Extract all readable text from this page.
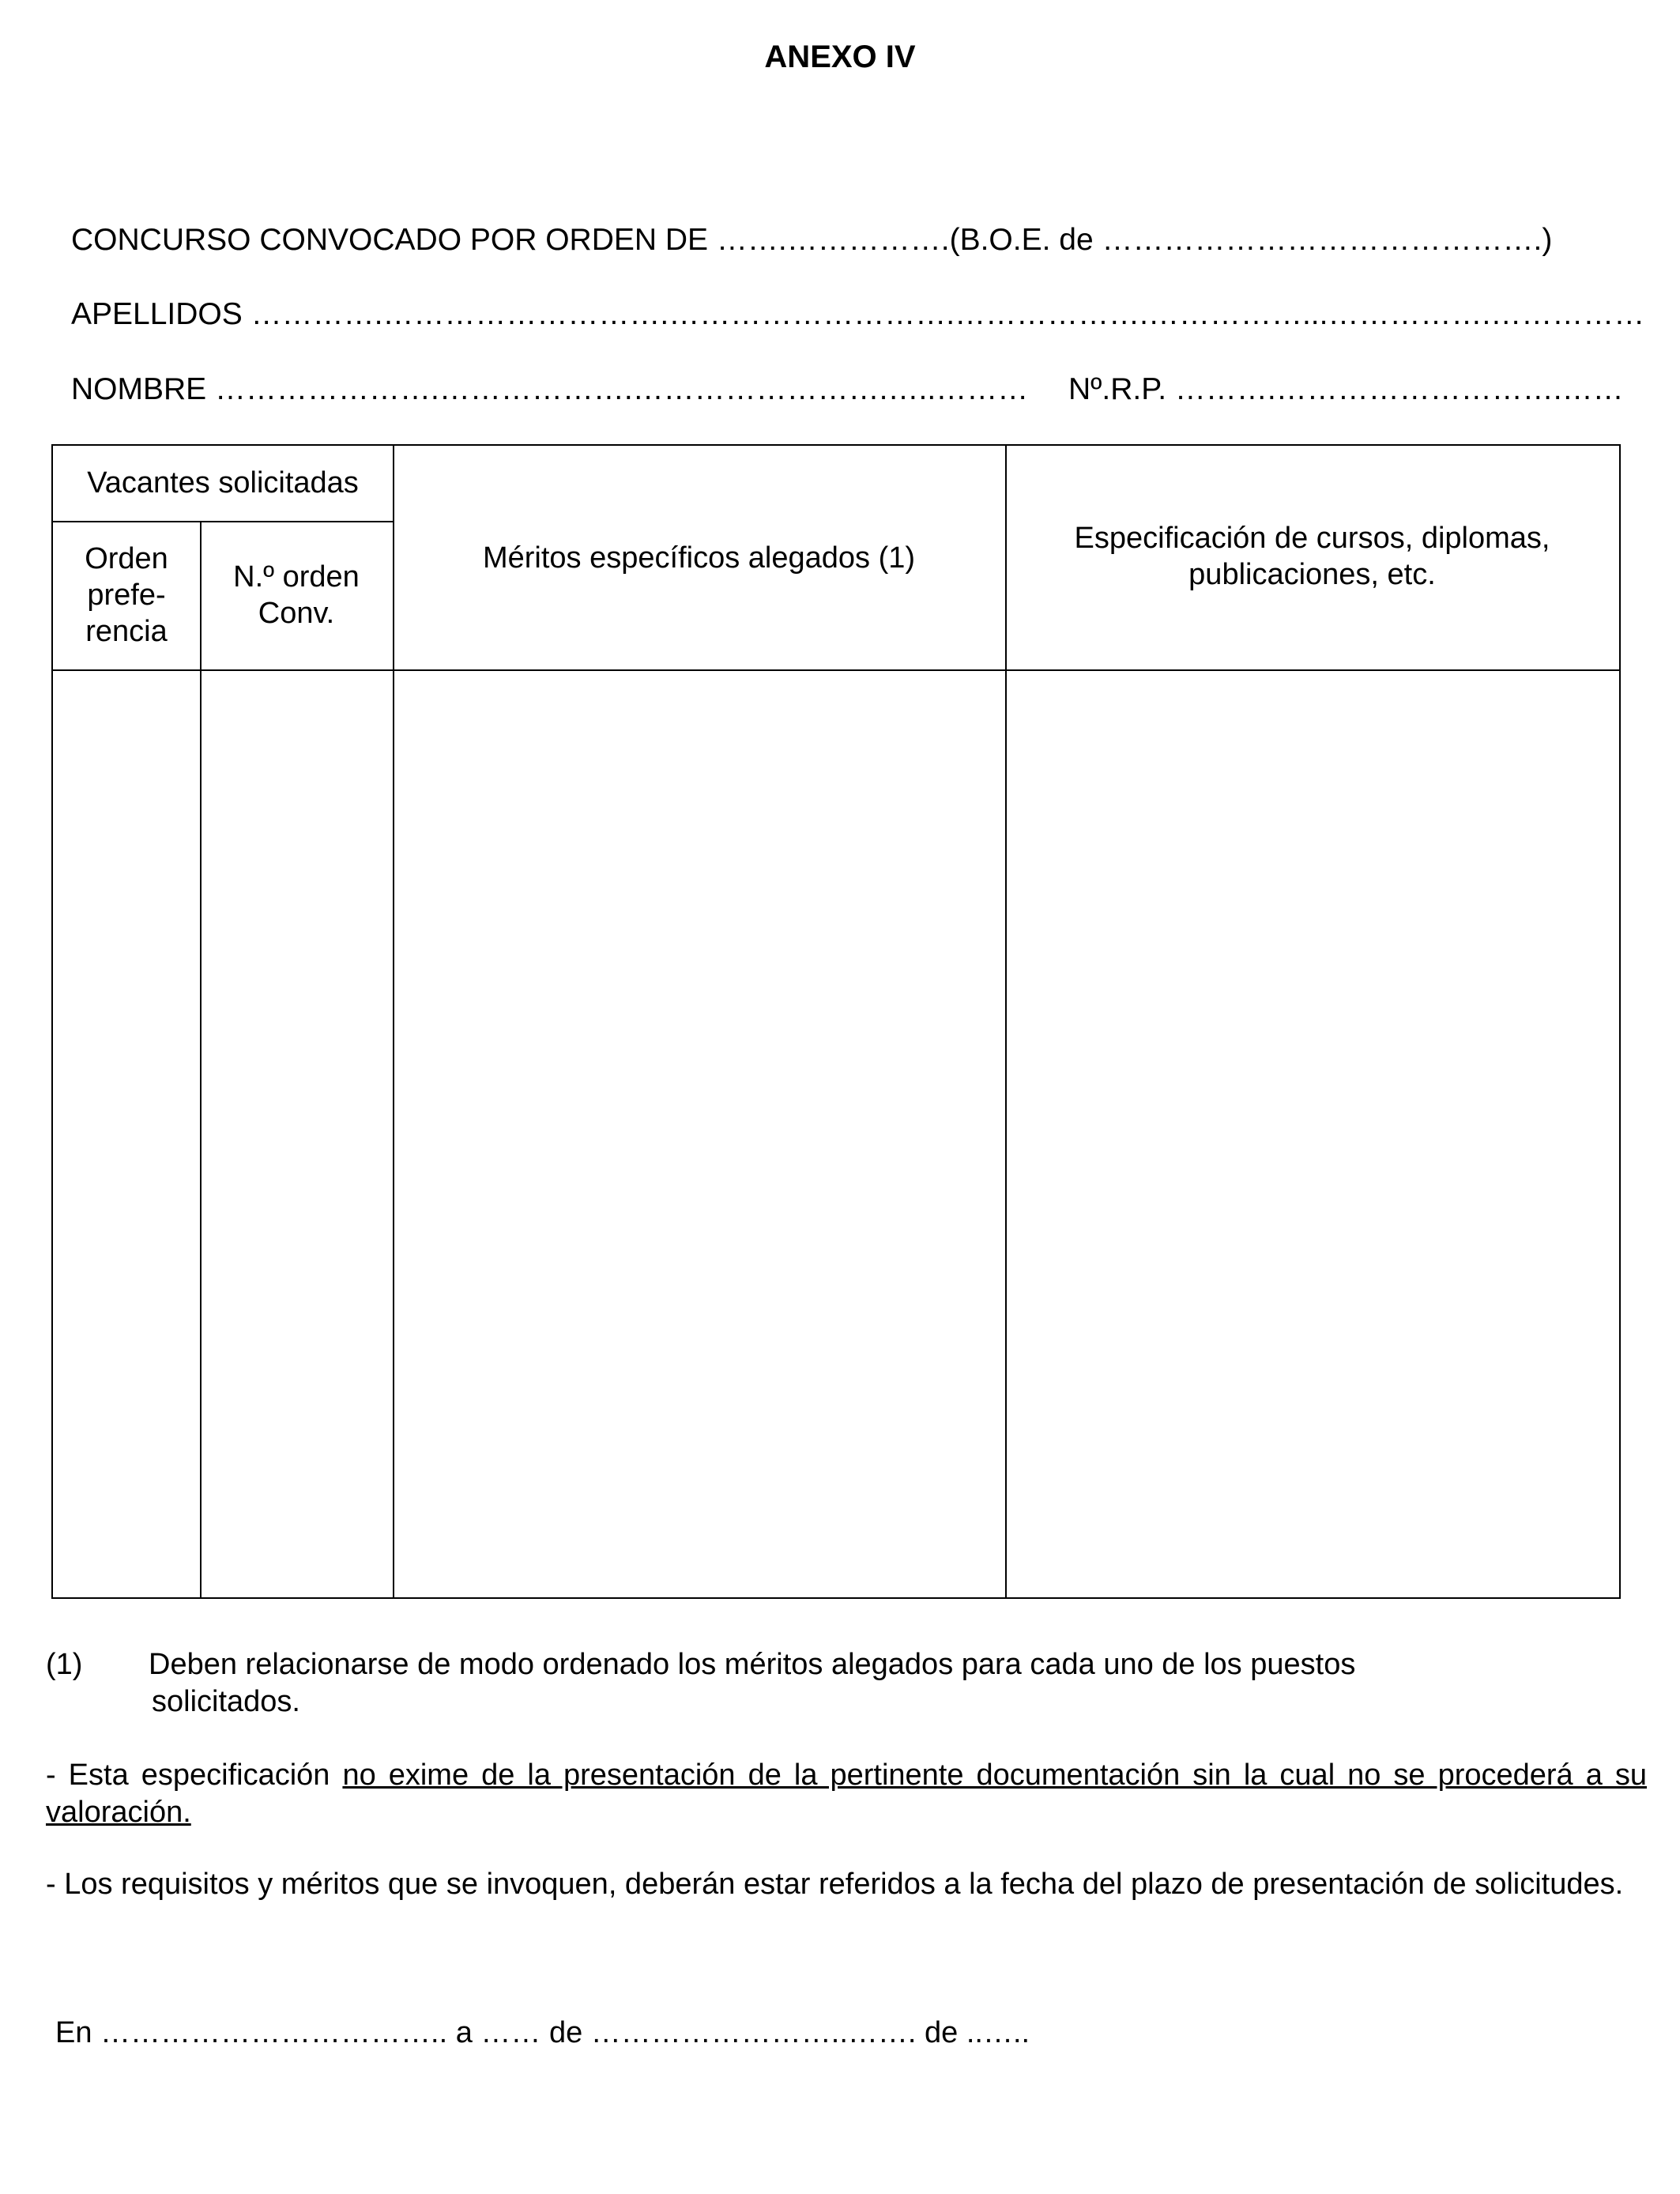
ANEXO IV
CONCURSO CONVOCADO POR ORDEN DE …….…………….(B.O.E. de …………………………………….)
APELLIDOS ………….……………………….……………………….……………….……………...…………….……………
NOMBRE ………………….……………….…………………….…..……… Nº.R.P. ……….……………………….……
Vacantes solicitadas
Orden
prefe-
rencia
N.º orden
Conv.
Méritos específicos alegados (1)
Especificación de cursos, diplomas,
publicaciones, etc.
(1) Deben relacionarse de modo ordenado los méritos alegados para cada uno de los puestos
solicitados.
- Esta especificación no exime de la presentación de la pertinente documentación sin la cual no se procederá a su valoración.
- Los requisitos y méritos que se invoquen, deberán estar referidos a la fecha del plazo de presentación de solicitudes.
En …………………………….. a …… de ……………………..……. de ..…..
